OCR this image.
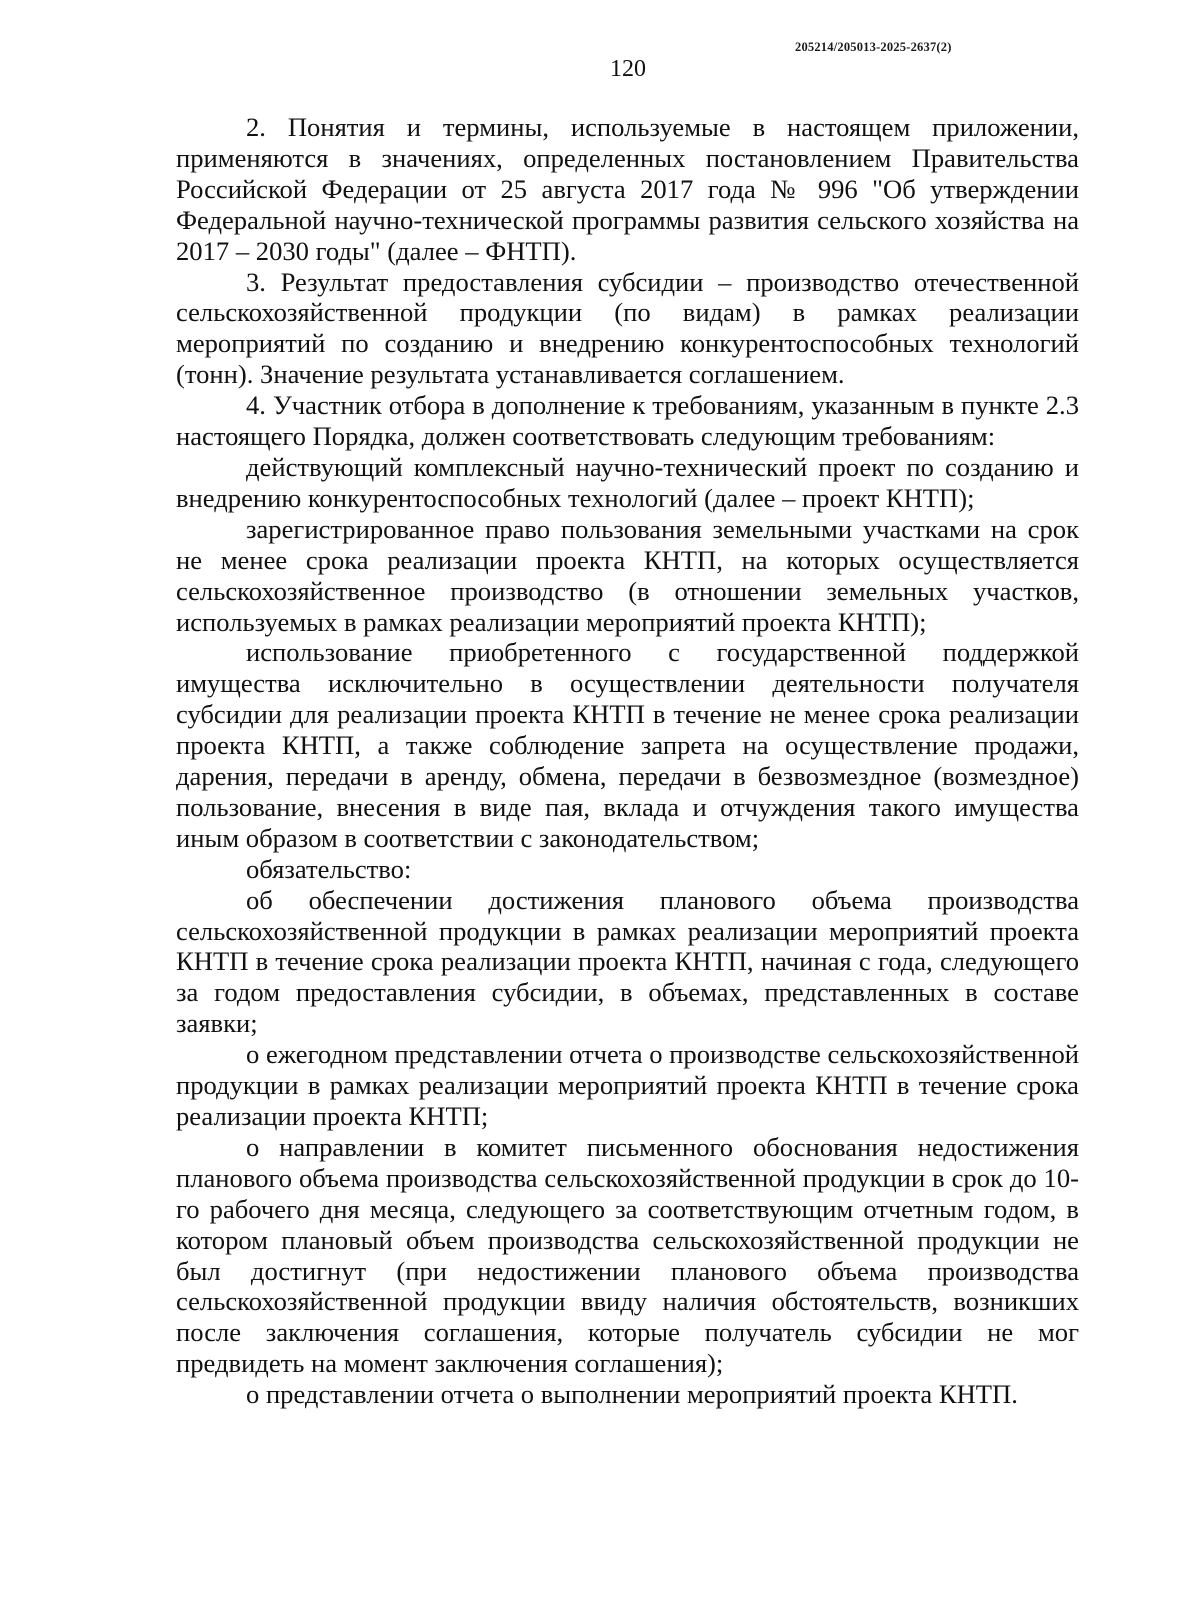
205214/205013-2025-2637(2)
120

2. Понятия и термины, используемые в настоящем приложении, применяются в значениях, определенных постановлением Правительства Российской Федерации от 25 августа 2017 года № 996 "Об утверждении Федеральной научно-технической программы развития сельского хозяйства на 2017 – 2030 годы" (далее – ФНТП).

3. Результат предоставления субсидии – производство отечественной сельскохозяйственной продукции (по видам) в рамках реализации мероприятий по созданию и внедрению конкурентоспособных технологий (тонн). Значение результата устанавливается соглашением.

4. Участник отбора в дополнение к требованиям, указанным в пункте 2.3 настоящего Порядка, должен соответствовать следующим требованиям:

действующий комплексный научно-технический проект по созданию и внедрению конкурентоспособных технологий (далее – проект КНТП);

зарегистрированное право пользования земельными участками на срок не менее срока реализации проекта КНТП, на которых осуществляется сельскохозяйственное производство (в отношении земельных участков, используемых в рамках реализации мероприятий проекта КНТП);

использование приобретенного с государственной поддержкой имущества исключительно в осуществлении деятельности получателя субсидии для реализации проекта КНТП в течение не менее срока реализации проекта КНТП, а также соблюдение запрета на осуществление продажи, дарения, передачи в аренду, обмена, передачи в безвозмездное (возмездное) пользование, внесения в виде пая, вклада и отчуждения такого имущества иным образом в соответствии с законодательством;

обязательство:

об обеспечении достижения планового объема производства сельскохозяйственной продукции в рамках реализации мероприятий проекта КНТП в течение срока реализации проекта КНТП, начиная с года, следующего за годом предоставления субсидии, в объемах, представленных в составе заявки;

о ежегодном представлении отчета о производстве сельскохозяйственной продукции в рамках реализации мероприятий проекта КНТП в течение срока реализации проекта КНТП;

о направлении в комитет письменного обоснования недостижения планового объема производства сельскохозяйственной продукции в срок до 10-го рабочего дня месяца, следующего за соответствующим отчетным годом, в котором плановый объем производства сельскохозяйственной продукции не был достигнут (при недостижении планового объема производства сельскохозяйственной продукции ввиду наличия обстоятельств, возникших после заключения соглашения, которые получатель субсидии не мог предвидеть на момент заключения соглашения);

о представлении отчета о выполнении мероприятий проекта КНТП.
